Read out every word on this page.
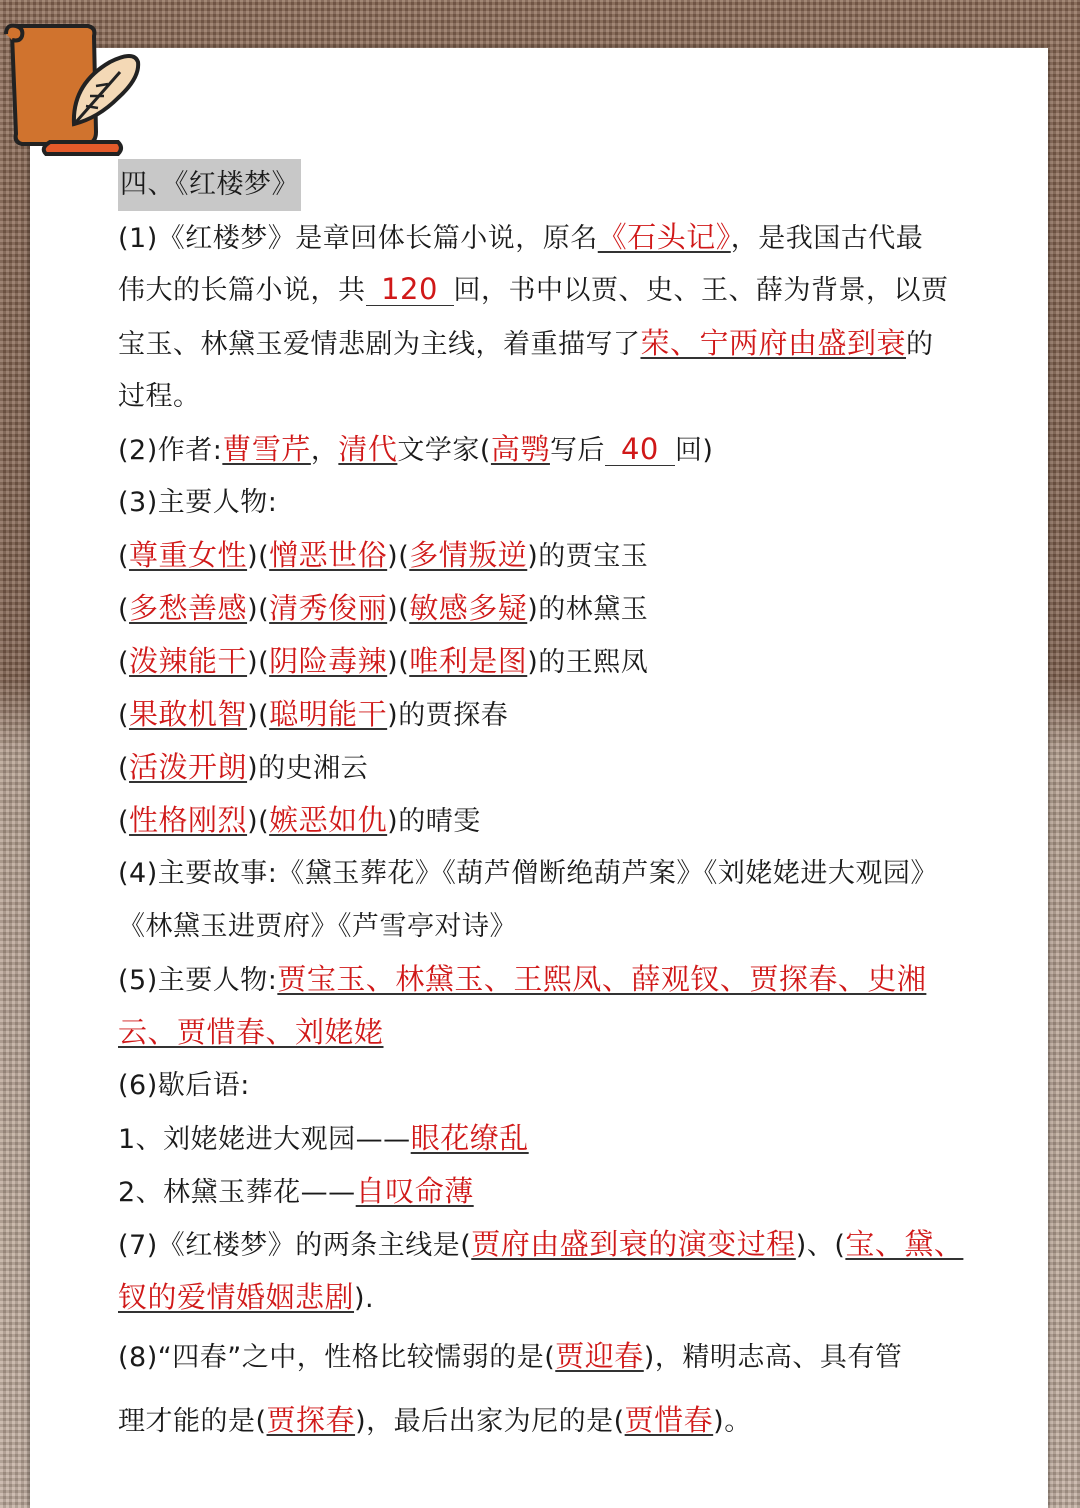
四、《红楼梦》
(1)《红楼梦》是章回体长篇小说，原名《石头记》，是我国古代最
伟大的长篇小说，共 120 回，书中以贾、史、王、薛为背景，以贾
宝玉、林黛玉爱情悲剧为主线，着重描写了荣、宁两府由盛到衰的
过程。
(2)作者:曹雪芹，清代文学家(高鹗写后 40 回)
(3)主要人物:
(尊重女性)(憎恶世俗)(多情叛逆)的贾宝玉
(多愁善感)(清秀俊丽)(敏感多疑)的林黛玉
(泼辣能干)(阴险毒辣)(唯利是图)的王熙凤
(果敢机智)(聪明能干)的贾探春
(活泼开朗)的史湘云
(性格刚烈)(嫉恶如仇)的晴雯
(4)主要故事:《黛玉葬花》《葫芦僧断绝葫芦案》《刘姥姥进大观园》
《林黛玉进贾府》《芦雪亭对诗》
(5)主要人物:贾宝玉、林黛玉、王熙凤、薛观钗、贾探春、史湘
云、贾惜春、刘姥姥
(6)歇后语:
1、刘姥姥进大观园——眼花缭乱
2、林黛玉葬花——自叹命薄
(7)《红楼梦》的两条主线是(贾府由盛到衰的演变过程)、(宝、黛、
钗的爱情婚姻悲剧).
(8)“四春”之中，性格比较懦弱的是(贾迎春)，精明志高、具有管
理才能的是(贾探春)，最后出家为尼的是(贾惜春)。
